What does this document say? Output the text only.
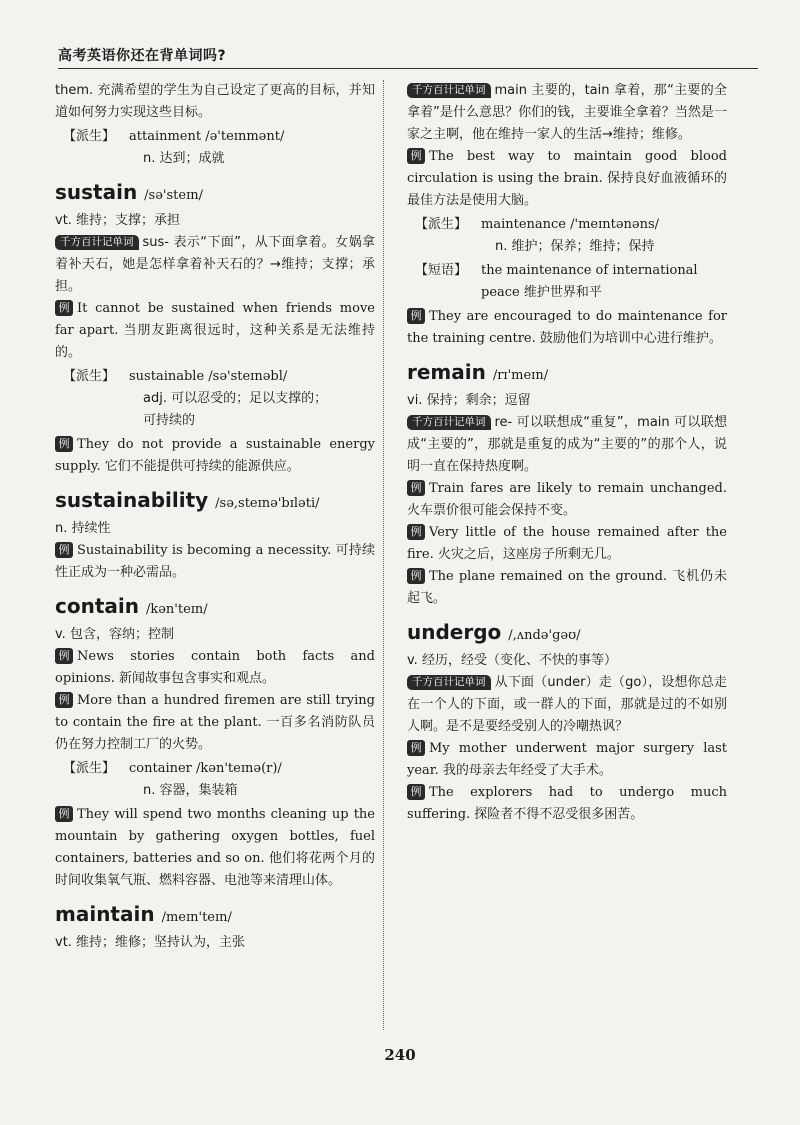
高考英语你还在背单词吗?

them. 充满希望的学生为自己设定了更高的目标，并知道如何努力实现这些目标。

【派生】	attainment /ə'teɪnmənt/
n. 达到；成就
sustain /sə'steɪn/

vt. 维持；支撑；承担

千方百计记单词 sus- 表示“下面”，从下面拿着。女娲拿着补天石，她是怎样拿着补天石的？→维持；支撑；承担。

例 It cannot be sustained when friends move far apart. 当朋友距离很远时，这种关系是无法维持的。

【派生】	sustainable /sə'steɪnəbl/
adj. 可以忍受的；足以支撑的；
可持续的

例 They do not provide a sustainable energy supply. 它们不能提供可持续的能源供应。

sustainability /sə,steɪnə'bɪləti/

n. 持续性

例 Sustainability is becoming a necessity. 可持续性正成为一种必需品。

contain /kən'teɪn/

v. 包含，容纳；控制

例 News stories contain both facts and opinions. 新闻故事包含事实和观点。

例 More than a hundred firemen are still trying to contain the fire at the plant. 一百多名消防队员仍在努力控制工厂的火势。

【派生】	container /kən'teɪnə(r)/
n. 容器，集装箱

例 They will spend two months cleaning up the mountain by gathering oxygen bottles, fuel containers, batteries and so on. 他们将花两个月的时间收集氧气瓶、燃料容器、电池等来清理山体。

maintain /meɪn'teɪn/

vt. 维持；维修；坚持认为，主张

千方百计记单词 main 主要的，tain 拿着，那“主要的全拿着”是什么意思？你们的钱，主要谁全拿着？当然是一家之主啊，他在维持一家人的生活→维持；维修。

例 The best way to maintain good blood circulation is using the brain. 保持良好血液循环的最佳方法是使用大脑。

【派生】	maintenance /'meɪntənəns/
n. 维护；保养；维持；保持
【短语】	the maintenance of international
peace 维护世界和平

例 They are encouraged to do maintenance for the training centre. 鼓励他们为培训中心进行维护。

remain /rɪ'meɪn/

vi. 保持；剩余；逗留

千方百计记单词 re- 可以联想成“重复”，main 可以联想成“主要的”，那就是重复的成为“主要的”的那个人，说明一直在保持热度啊。

例 Train fares are likely to remain unchanged. 火车票价很可能会保持不变。

例 Very little of the house remained after the fire. 火灾之后，这座房子所剩无几。

例 The plane remained on the ground. 飞机仍未起飞。

undergo /,ʌndə'gəʊ/

v. 经历，经受（变化、不快的事等）

千方百计记单词 从下面（under）走（go），设想你总走在一个人的下面，或一群人的下面，那就是过的不如别人啊。是不是要经受别人的冷嘲热讽？

例 My mother underwent major surgery last year. 我的母亲去年经受了大手术。

例 The explorers had to undergo much suffering. 探险者不得不忍受很多困苦。

240
